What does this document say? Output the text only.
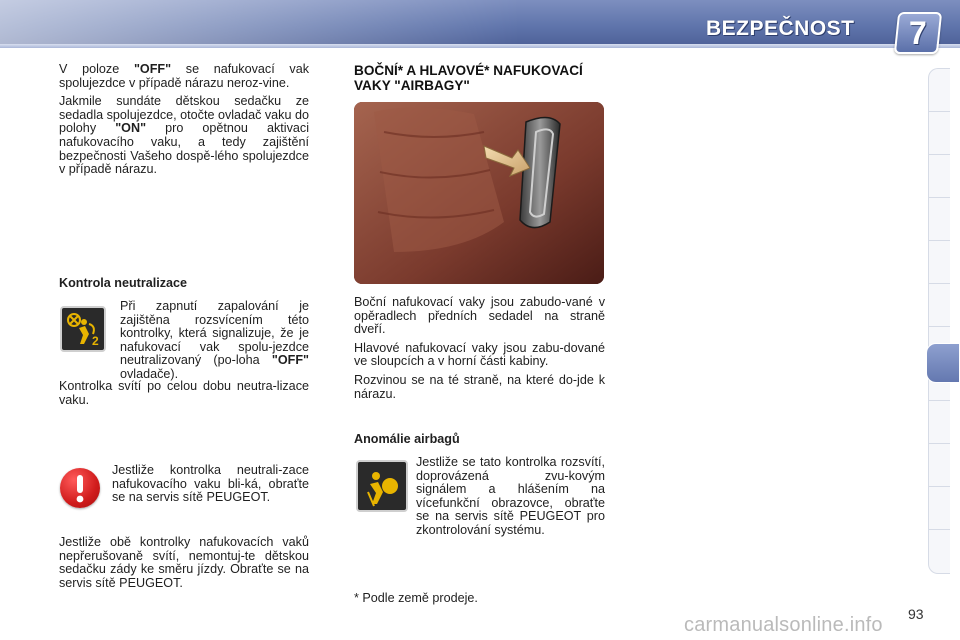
BEZPEČNOST	7

V poloze "OFF" se nafukovací vak spolujezdce v případě nárazu neroz-vine.

Jakmile sundáte dětskou sedačku ze sedadla spolujezdce, otočte ovladač vaku do polohy "ON" pro opětnou aktivaci nafukovacího vaku, a tedy zajištění bezpečnosti Vašeho dospě-lého spolujezdce v případě nárazu.

Kontrola neutralizace
2

Při zapnutí zapalování je zajištěna rozsvícením této kontrolky, která signalizuje, že je nafukovací vak spolu-jezdce neutralizovaný (po-loha "OFF" ovladače).

Kontrolka svítí po celou dobu neutra-lizace vaku.

Jestliže kontrolka neutrali-zace nafukovacího vaku bli-ká, obraťte se na servis sítě PEUGEOT.

Jestliže obě kontrolky nafukovacích vaků nepřerušovaně svítí, nemontuj-te dětskou sedačku zády ke směru jízdy. Obraťte se na servis sítě PEUGEOT.

BOČNÍ* A HLAVOVÉ* NAFUKOVACÍ VAKY "AIRBAGY"

Boční nafukovací vaky jsou zabudo-vané v opěradlech předních sedadel na straně dveří.

Hlavové nafukovací vaky jsou zabu-dované ve sloupcích a v horní části kabiny.

Rozvinou se na té straně, na které do-jde k nárazu.

Anomálie airbagů

Jestliže se tato kontrolka rozsvítí, doprovázená zvu-kovým signálem a hlášením na vícefunkční obrazovce, obraťte se na servis sítě PEUGEOT pro zkontrolování systému.

* Podle země prodeje.

93
carmanualsonline.info
